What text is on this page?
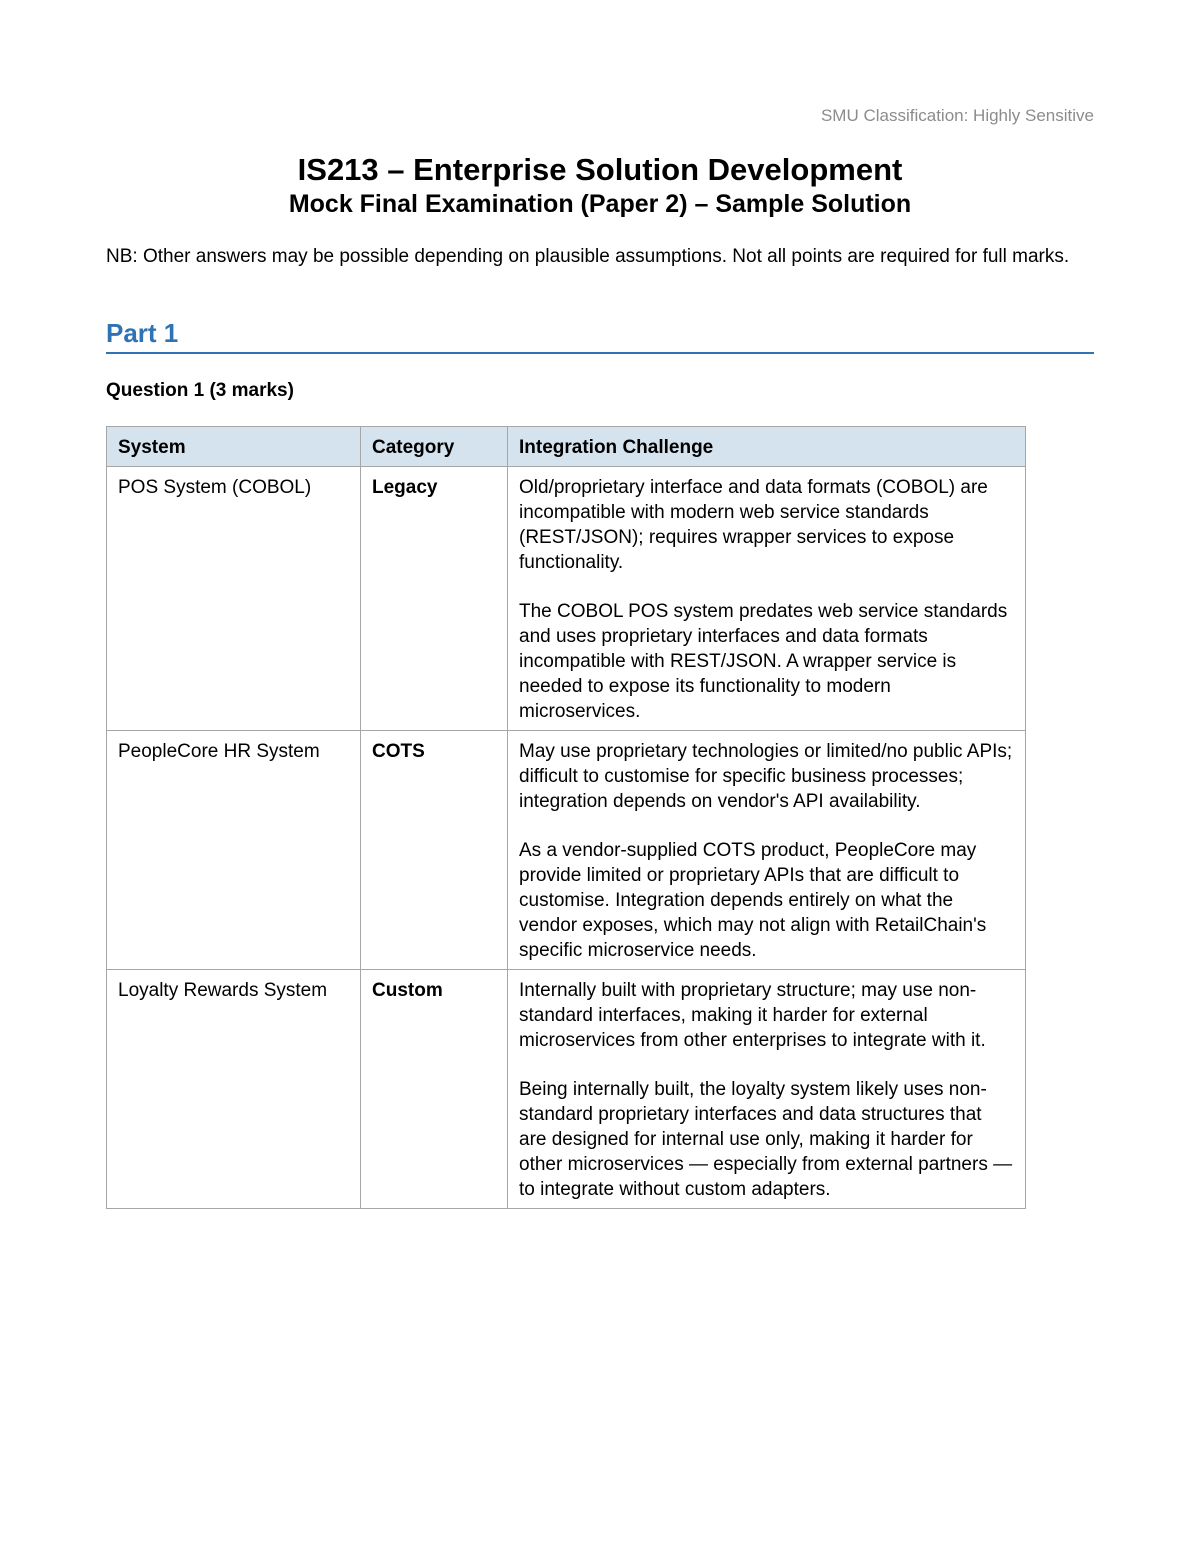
SMU Classification: Highly Sensitive
IS213 – Enterprise Solution Development
Mock Final Examination (Paper 2) – Sample Solution
NB: Other answers may be possible depending on plausible assumptions. Not all points are required for full marks.
Part 1
Question 1 (3 marks)
System	Category	Integration Challenge
POS System (COBOL)	Legacy	Old/proprietary interface and data formats (COBOL) are incompatible with modern web service standards (REST/JSON); requires wrapper services to expose functionality.
The COBOL POS system predates web service standards and uses proprietary interfaces and data formats incompatible with REST/JSON. A wrapper service is needed to expose its functionality to modern microservices.

PeopleCore HR System	COTS	May use proprietary technologies or limited/no public APIs; difficult to customise for specific business processes; integration depends on vendor's API availability.
As a vendor-supplied COTS product, PeopleCore may provide limited or proprietary APIs that are difficult to customise. Integration depends entirely on what the vendor exposes, which may not align with RetailChain's specific microservice needs.

Loyalty Rewards System	Custom	Internally built with proprietary structure; may use non-standard interfaces, making it harder for external microservices from other enterprises to integrate with it.
Being internally built, the loyalty system likely uses non-standard proprietary interfaces and data structures that are designed for internal use only, making it harder for other microservices — especially from external partners — to integrate without custom adapters.
